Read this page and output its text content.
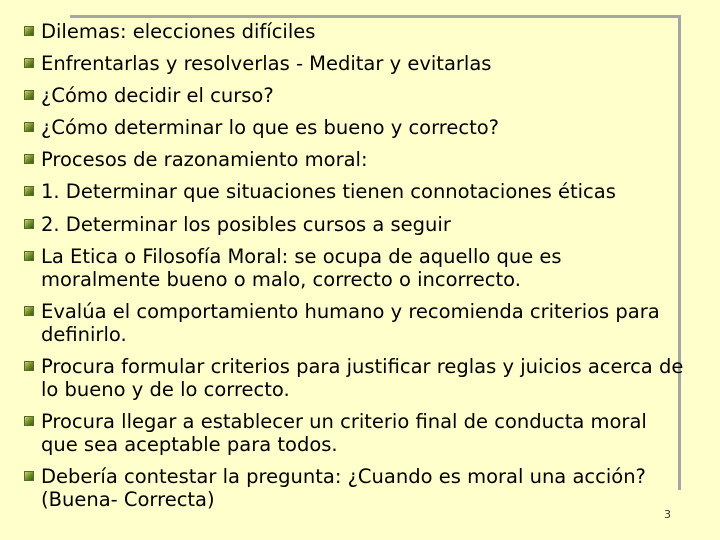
Dilemas: elecciones difíciles
Enfrentarlas y resolverlas - Meditar y evitarlas
¿Cómo decidir el curso?
¿Cómo determinar lo que es bueno y correcto?
Procesos de razonamiento moral:
1. Determinar que situaciones tienen connotaciones éticas
2. Determinar los posibles cursos a seguir
La Etica o Filosofía Moral: se ocupa de aquello que es moralmente bueno o malo, correcto o incorrecto.
Evalúa el comportamiento humano y recomienda criterios para definirlo.
Procura formular criterios para justificar reglas y juicios acerca de lo bueno y de lo correcto.
Procura llegar a establecer un criterio final de conducta moral que sea aceptable para todos.
Debería contestar la pregunta: ¿Cuando es moral una acción? (Buena- Correcta)
3
